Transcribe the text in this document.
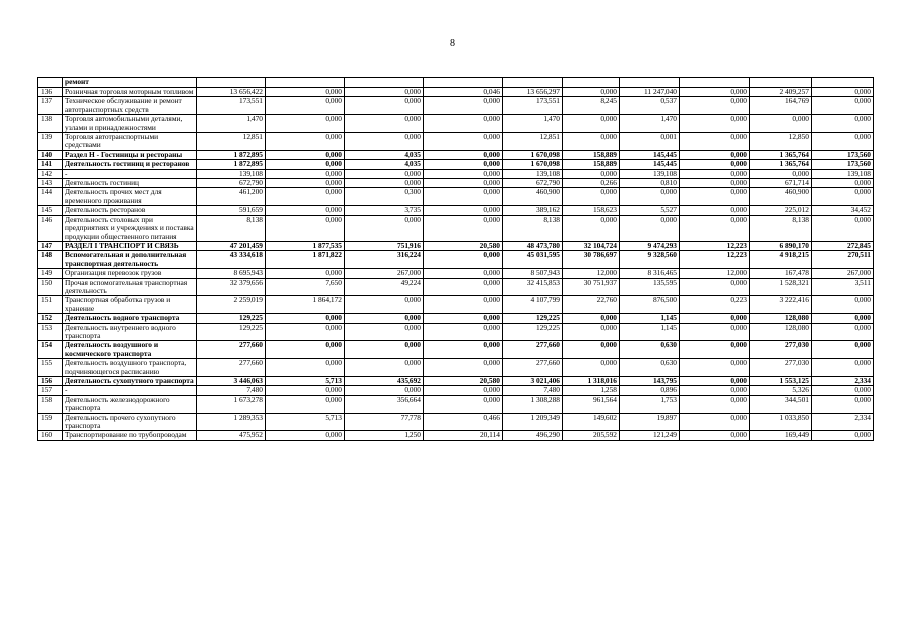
8
	ремонт										
136	Розничная торговля моторным топливом	13 656,422	0,000	0,000	0,046	13 656,297	0,000	11 247,040	0,000	2 409,257	0,000
137	Техническое обслуживание и ремонт автотранспортных средств	173,551	0,000	0,000	0,000	173,551	8,245	0,537	0,000	164,769	0,000
138	Торговля автомобильными деталями, узлами и принадлежностями	1,470	0,000	0,000	0,000	1,470	0,000	1,470	0,000	0,000	0,000
139	Торговля автотранспортными средствами	12,851	0,000	0,000	0,000	12,851	0,000	0,001	0,000	12,850	0,000
140	Раздел H - Гостиницы и рестораны	1 872,895	0,000	4,035	0,000	1 670,098	158,889	145,445	0,000	1 365,764	173,560
141	Деятельность гостиниц и ресторанов	1 872,895	0,000	4,035	0,000	1 670,098	158,889	145,445	0,000	1 365,764	173,560
142	-	139,108	0,000	0,000	0,000	139,108	0,000	139,108	0,000	0,000	139,108
143	Деятельность гостиниц	672,790	0,000	0,000	0,000	672,790	0,266	0,810	0,000	671,714	0,000
144	Деятельность прочих мест для временного проживания	461,200	0,000	0,300	0,000	460,900	0,000	0,000	0,000	460,900	0,000
145	Деятельность ресторанов	591,659	0,000	3,735	0,000	389,162	158,623	5,527	0,000	225,012	34,452
146	Деятельность столовых при предприятиях и учреждениях и поставка продукции общественного питания	8,138	0,000	0,000	0,000	8,138	0,000	0,000	0,000	8,138	0,000
147	РАЗДЕЛ I ТРАНСПОРТ И СВЯЗЬ	47 201,459	1 877,535	751,916	20,580	48 473,780	32 104,724	9 474,293	12,223	6 890,170	272,845
148	Вспомогательная и дополнительная транспортная деятельность	43 334,618	1 871,822	316,224	0,000	45 031,595	30 786,697	9 328,560	12,223	4 918,215	270,511
149	Организация перевозок грузов	8 695,943	0,000	267,000	0,000	8 507,943	12,000	8 316,465	12,000	167,478	267,000
150	Прочая вспомогательная транспортная деятельность	32 379,656	7,650	49,224	0,000	32 415,853	30 751,937	135,595	0,000	1 528,321	3,511
151	Транспортная обработка грузов и хранение	2 259,019	1 864,172	0,000	0,000	4 107,799	22,760	876,500	0,223	3 222,416	0,000
152	Деятельность водного транспорта	129,225	0,000	0,000	0,000	129,225	0,000	1,145	0,000	128,080	0,000
153	Деятельность внутреннего водного транспорта	129,225	0,000	0,000	0,000	129,225	0,000	1,145	0,000	128,080	0,000
154	Деятельность воздушного и космического транспорта	277,660	0,000	0,000	0,000	277,660	0,000	0,630	0,000	277,030	0,000
155	Деятельность воздушного транспорта, подчиняющегося расписанию	277,660	0,000	0,000	0,000	277,660	0,000	0,630	0,000	277,030	0,000
156	Деятельность сухопутного транспорта	3 446,063	5,713	435,692	20,580	3 021,406	1 318,016	143,795	0,000	1 553,125	2,334
157	-	7,480	0,000	0,000	0,000	7,480	1,258	0,896	0,000	5,326	0,000
158	Деятельность железнодорожного транспорта	1 673,278	0,000	356,664	0,000	1 308,288	961,564	1,753	0,000	344,501	0,000
159	Деятельность прочего сухопутного транспорта	1 289,353	5,713	77,778	0,466	1 209,349	149,602	19,897	0,000	1 033,850	2,334
160	Транспортирование по трубопроводам	475,952	0,000	1,250	20,114	496,290	205,592	121,249	0,000	169,449	0,000
